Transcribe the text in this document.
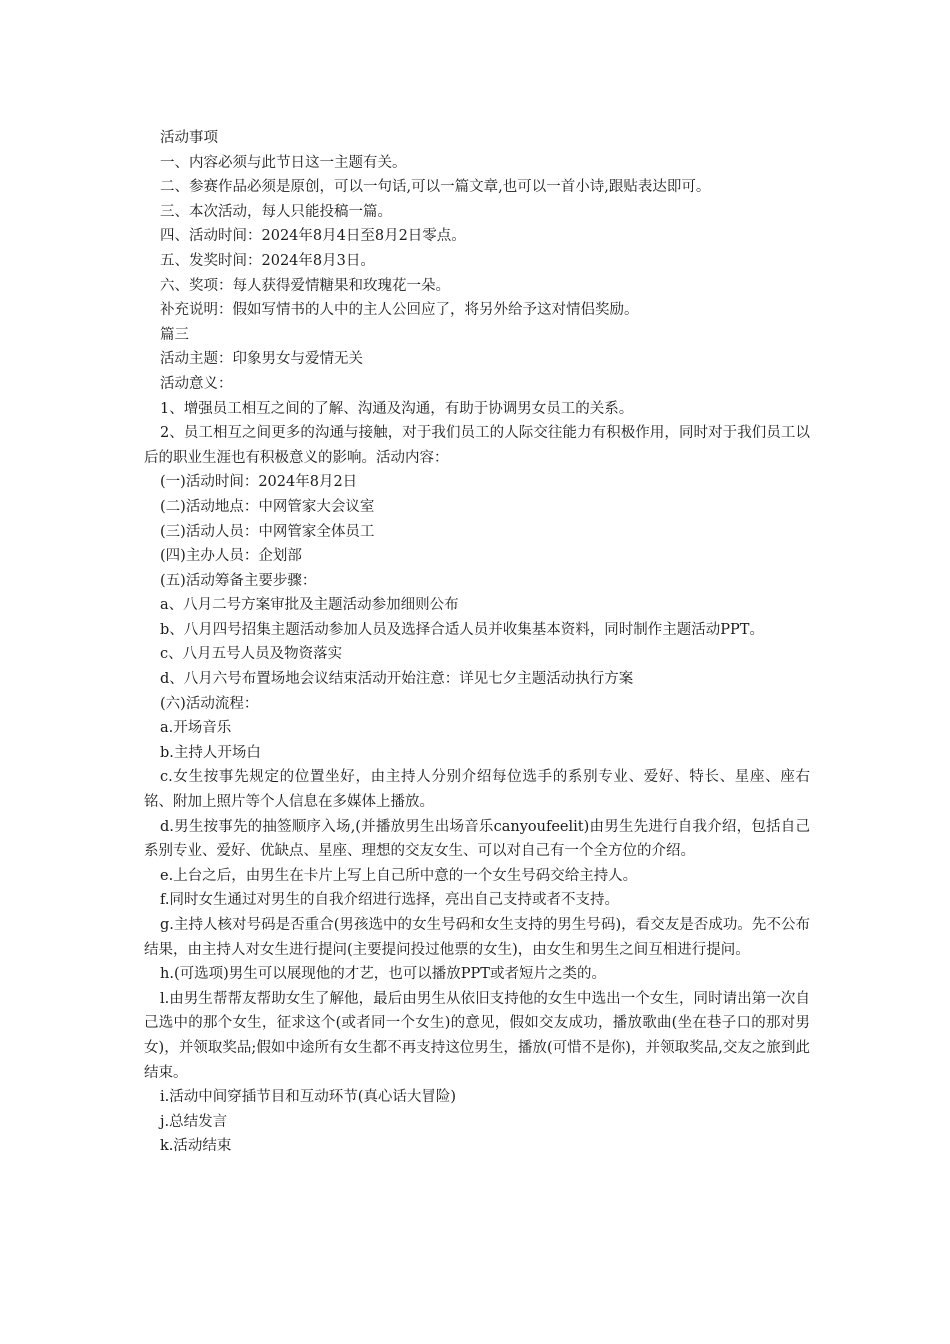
活动事项

一、内容必须与此节日这一主题有关。

二、参赛作品必须是原创，可以一句话,可以一篇文章,也可以一首小诗,跟贴表达即可。

三、本次活动，每人只能投稿一篇。

四、活动时间：2024年8月4日至8月2日零点。

五、发奖时间：2024年8月3日。

六、奖项：每人获得爱情糖果和玫瑰花一朵。

补充说明：假如写情书的人中的主人公回应了，将另外给予这对情侣奖励。

篇三

活动主题：印象男女与爱情无关

活动意义：

1、增强员工相互之间的了解、沟通及沟通，有助于协调男女员工的关系。

2、员工相互之间更多的沟通与接触，对于我们员工的人际交往能力有积极作用，同时对于我们员工以后的职业生涯也有积极意义的影响。活动内容：

(一)活动时间：2024年8月2日

(二)活动地点：中网管家大会议室

(三)活动人员：中网管家全体员工

(四)主办人员：企划部

(五)活动筹备主要步骤：

a、八月二号方案审批及主题活动参加细则公布

b、八月四号招集主题活动参加人员及选择合适人员并收集基本资料，同时制作主题活动PPT。

c、八月五号人员及物资落实

d、八月六号布置场地会议结束活动开始注意：详见七夕主题活动执行方案

(六)活动流程：

a.开场音乐

b.主持人开场白

c.女生按事先规定的位置坐好，由主持人分别介绍每位选手的系别专业、爱好、特长、星座、座右铭、附加上照片等个人信息在多媒体上播放。

d.男生按事先的抽签顺序入场,(并播放男生出场音乐canyoufeelit)由男生先进行自我介绍，包括自己系别专业、爱好、优缺点、星座、理想的交友女生、可以对自己有一个全方位的介绍。

e.上台之后，由男生在卡片上写上自己所中意的一个女生号码交给主持人。

f.同时女生通过对男生的自我介绍进行选择，亮出自己支持或者不支持。

g.主持人核对号码是否重合(男孩选中的女生号码和女生支持的男生号码)，看交友是否成功。先不公布结果，由主持人对女生进行提问(主要提问投过他票的女生)，由女生和男生之间互相进行提问。

h.(可选项)男生可以展现他的才艺，也可以播放PPT或者短片之类的。

l.由男生帮帮友帮助女生了解他，最后由男生从依旧支持他的女生中选出一个女生，同时请出第一次自己选中的那个女生，征求这个(或者同一个女生)的意见，假如交友成功，播放歌曲(坐在巷子口的那对男女)，并领取奖品;假如中途所有女生都不再支持这位男生，播放(可惜不是你)，并领取奖品,交友之旅到此结束。

i.活动中间穿插节目和互动环节(真心话大冒险)

j.总结发言

k.活动结束
